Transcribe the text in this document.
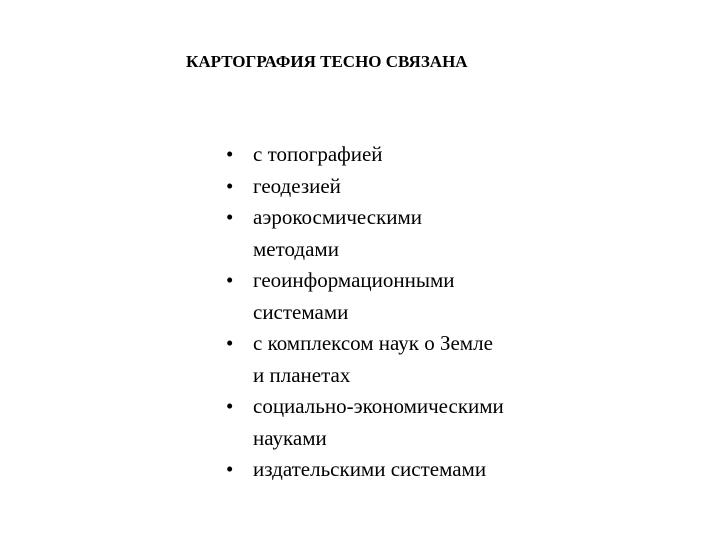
КАРТОГРАФИЯ ТЕСНО СВЯЗАНА
• с топографией
• геодезией
• аэрокосмическими
методами
• геоинформационными
системами
• с комплексом наук о Земле
и планетах
• социально-экономическими
науками
• издательскими системами
